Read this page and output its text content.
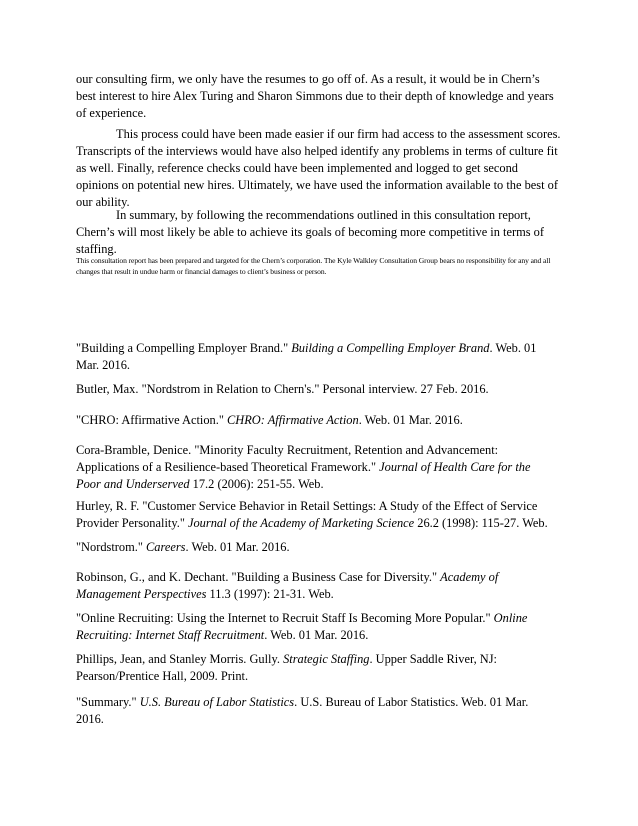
our consulting firm, we only have the resumes to go off of. As a result, it would be in Chern’s best interest to hire Alex Turing and Sharon Simmons due to their depth of knowledge and years of experience.

This process could have been made easier if our firm had access to the assessment scores. Transcripts of the interviews would have also helped identify any problems in terms of culture fit as well. Finally, reference checks could have been implemented and logged to get second opinions on potential new hires. Ultimately, we have used the information available to the best of our ability.

In summary, by following the recommendations outlined in this consultation report, Chern’s will most likely be able to achieve its goals of becoming more competitive in terms of staffing.

This consultation report has been prepared and targeted for the Chern’s corporation. The Kyle Walkley Consultation Group bears no responsibility for any and all changes that result in undue harm or financial damages to client’s business or person.

"Building a Compelling Employer Brand." Building a Compelling Employer Brand. Web. 01 Mar. 2016.

Butler, Max. "Nordstrom in Relation to Chern's." Personal interview. 27 Feb. 2016.

"CHRO: Affirmative Action." CHRO: Affirmative Action. Web. 01 Mar. 2016.

Cora-Bramble, Denice. "Minority Faculty Recruitment, Retention and Advancement: Applications of a Resilience-based Theoretical Framework." Journal of Health Care for the Poor and Underserved 17.2 (2006): 251-55. Web.

Hurley, R. F. "Customer Service Behavior in Retail Settings: A Study of the Effect of Service Provider Personality." Journal of the Academy of Marketing Science 26.2 (1998): 115-27. Web.

"Nordstrom." Careers. Web. 01 Mar. 2016.

Robinson, G., and K. Dechant. "Building a Business Case for Diversity." Academy of Management Perspectives 11.3 (1997): 21-31. Web.

"Online Recruiting: Using the Internet to Recruit Staff Is Becoming More Popular." Online Recruiting: Internet Staff Recruitment. Web. 01 Mar. 2016.

Phillips, Jean, and Stanley Morris. Gully. Strategic Staffing. Upper Saddle River, NJ: Pearson/Prentice Hall, 2009. Print.

"Summary." U.S. Bureau of Labor Statistics. U.S. Bureau of Labor Statistics. Web. 01 Mar. 2016.
